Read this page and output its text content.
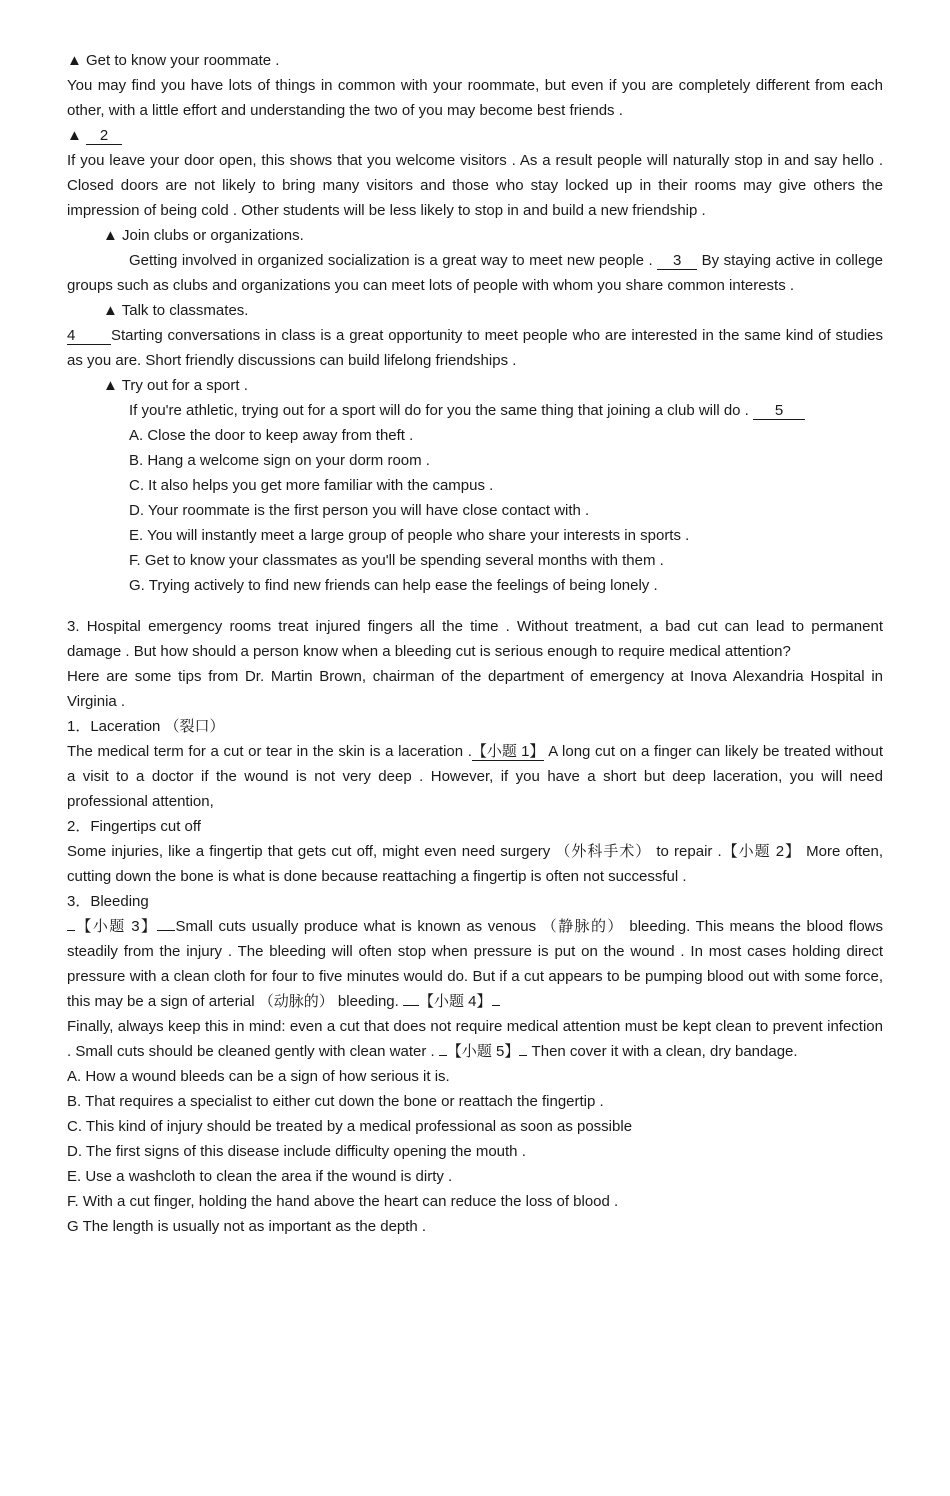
▲ Get to know your roommate .
You may find you have lots of things in common with your roommate, but even if you are completely different from each other, with a little effort and understanding the two of you may become best friends .
▲ 2
If you leave your door open, this shows that you welcome visitors . As a result people will naturally stop in and say hello . Closed doors are not likely to bring many visitors and those who stay locked up in their rooms may give others the impression of being cold . Other students will be less likely to stop in and build a new friendship .
▲ Join clubs or organizations.
Getting involved in organized socialization is a great way to meet new people . 3 By staying active in college groups such as clubs and organizations you can meet lots of people with whom you share common interests .
▲ Talk to classmates.
4 Starting conversations in class is a great opportunity to meet people who are interested in the same kind of studies as you are. Short friendly discussions can build lifelong friendships .
▲ Try out for a sport .
If you're athletic, trying out for a sport will do for you the same thing that joining a club will do . 5
A. Close the door to keep away from theft .
B. Hang a welcome sign on your dorm room .
C. It also helps you get more familiar with the campus .
D. Your roommate is the first person you will have close contact with .
E. You will instantly meet a large group of people who share your interests in sports .
F. Get to know your classmates as you'll be spending several months with them .
G. Trying actively to find new friends can help ease the feelings of being lonely .
3. Hospital emergency rooms treat injured fingers all the time . Without treatment, a bad cut can lead to permanent damage . But how should a person know when a bleeding cut is serious enough to require medical attention?
Here are some tips from Dr. Martin Brown, chairman of the department of emergency at Inova Alexandria Hospital in Virginia .
1．Laceration （裂口）
The medical term for a cut or tear in the skin is a laceration .【小题 1】 A long cut on a finger can likely be treated without a visit to a doctor if the wound is not very deep . However, if you have a short but deep laceration, you will need professional attention,
2．Fingertips cut off
Some injuries, like a fingertip that gets cut off, might even need surgery （外科手术） to repair .【小题 2】 More often, cutting down the bone is what is done because reattaching a fingertip is often not successful .
3．Bleeding
【小题 3】 Small cuts usually produce what is known as venous （静脉的） bleeding. This means the blood flows steadily from the injury . The bleeding will often stop when pressure is put on the wound . In most cases holding direct pressure with a clean cloth for four to five minutes would do. But if a cut appears to be pumping blood out with some force, this may be a sign of arterial （动脉的） bleeding. 【小题 4】
Finally, always keep this in mind: even a cut that does not require medical attention must be kept clean to prevent infection . Small cuts should be cleaned gently with clean water . 【小题 5】 Then cover it with a clean, dry bandage.
A. How a wound bleeds can be a sign of how serious it is.
B. That requires a specialist to either cut down the bone or reattach the fingertip .
C. This kind of injury should be treated by a medical professional as soon as possible
D. The first signs of this disease include difficulty opening the mouth .
E. Use a washcloth to clean the area if the wound is dirty .
F. With a cut finger, holding the hand above the heart can reduce the loss of blood .
G The length is usually not as important as the depth .
